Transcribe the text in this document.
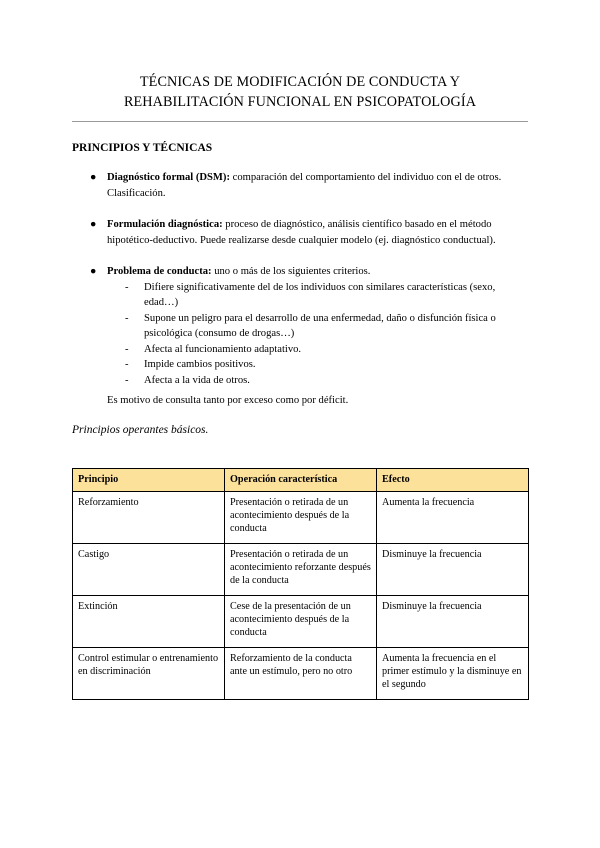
TÉCNICAS DE MODIFICACIÓN DE CONDUCTA Y
REHABILITACIÓN FUNCIONAL EN PSICOPATOLOGÍA
PRINCIPIOS Y TÉCNICAS
● Diagnóstico formal (DSM): comparación del comportamiento del individuo con el de otros. Clasificación.
● Formulación diagnóstica: proceso de diagnóstico, análisis científico basado en el método hipotético-deductivo. Puede realizarse desde cualquier modelo (ej. diagnóstico conductual).
● Problema de conducta: uno o más de los siguientes criterios.
- Difiere significativamente del de los individuos con similares características (sexo, edad…)
- Supone un peligro para el desarrollo de una enfermedad, daño o disfunción física o psicológica (consumo de drogas…)
- Afecta al funcionamiento adaptativo.
- Impide cambios positivos.
- Afecta a la vida de otros.
Es motivo de consulta tanto por exceso como por déficit.
Principios operantes básicos.
Principio	Operación característica	Efecto
Reforzamiento	Presentación o retirada de un acontecimiento después de la conducta	Aumenta la frecuencia
Castigo	Presentación o retirada de un acontecimiento reforzante después de la conducta	Disminuye la frecuencia
Extinción	Cese de la presentación de un acontecimiento después de la conducta	Disminuye la frecuencia
Control estimular o entrenamiento en discriminación	Reforzamiento de la conducta ante un estímulo, pero no otro	Aumenta la frecuencia en el primer estímulo y la disminuye en el segundo
